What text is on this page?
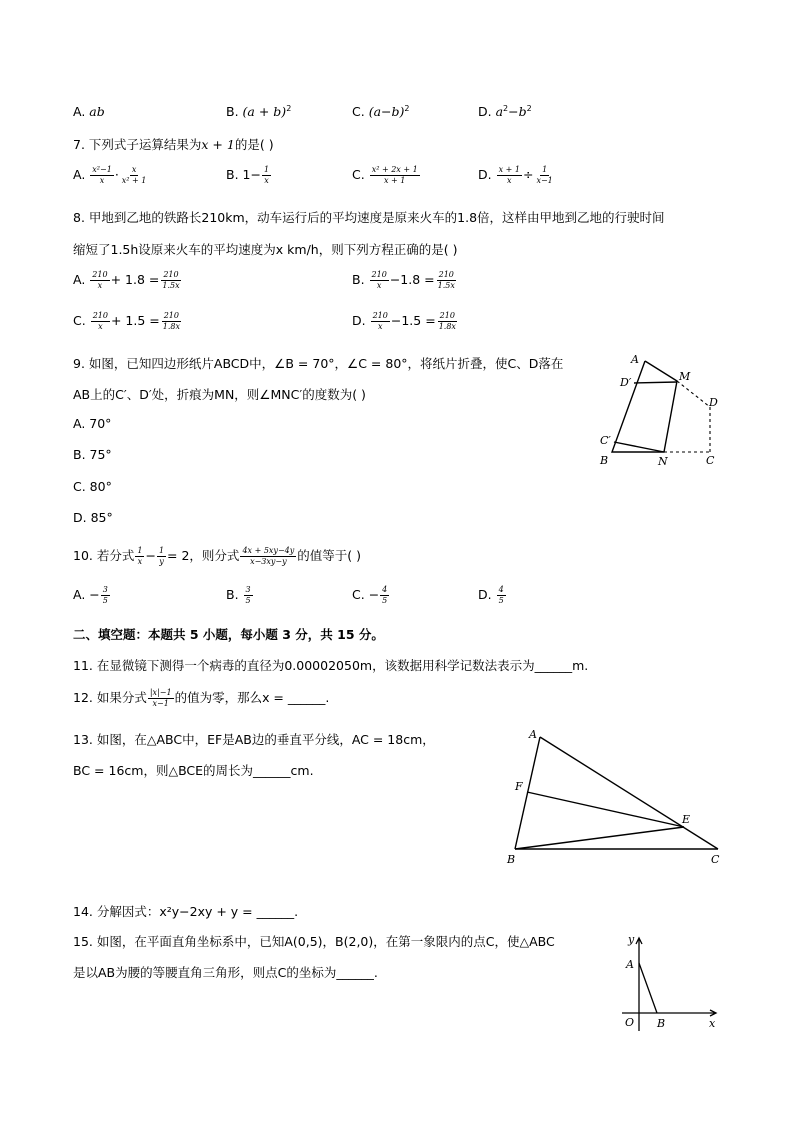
A. ab	B. $(a + b)^2$	C. $(a-b)^2$	D. $a^2-b^2$
7. 下列式子运算结果为x + 1的是( )
A. $\frac{\text{x²−1}}{x} \cdot \frac{x}{\text{x² + 1}}$	B. $1- \frac{1}{x}$	C. $\frac{\text{x² + 2x + 1}}{x + 1}$	D. $\frac{x + 1}{x} \div \frac{1}{x-1}$
8. 甲地到乙地的铁路长210km，动车运行后的平均速度是原来火车的1.8倍，这样由甲地到乙地的行驶时间
缩短了1.5h设原来火车的平均速度为x km/h，则下列方程正确的是( )
A. $\frac{210}{x} + 1.8 = \frac{210}{1.5x}$	B. $\frac{210}{x} -1.8 = \frac{210}{1.5x}$
C. $\frac{210}{x} + 1.5 = \frac{210}{1.8x}$	D. $\frac{210}{x} -1.5 = \frac{210}{1.8x}$
9. 如图，已知四边形纸片ABCD中，∠B = 70°，∠C = 80°，将纸片折叠，使C、D落在
AB上的C′、D′处，折痕为MN，则∠MNC′的度数为( )
A. 70°
B. 75°
C. 80°
D. 85°
A
M
D′
D
C′
B	N	C
10. 若分式 $\frac{1}{x} - \frac{1}{y} = 2$，则分式 $\frac{4x + 5xy-4y}{x-3xy-y}$ 的值等于( )
A. − $\frac{3}{5}$	B. $\frac{3}{5}$	C. − $\frac{4}{5}$	D. $\frac{4}{5}$
二、填空题：本题共 5 小题，每小题 3 分，共 15 分。
11. 在显微镜下测得一个病毒的直径为0.00002050m，该数据用科学记数法表示为______m.
12. 如果分式 $\frac{|x|-1}{x-1}$ 的值为零，那么x = ______.
13. 如图，在△ABC中，EF是AB边的垂直平分线，AC = 18cm，
BC = 16cm，则△BCE的周长为______cm.
A
F
E
B	C
14. 分解因式：x²y−2xy + y = ______.
15. 如图，在平面直角坐标系中，已知A(0,5)，B(2,0)，在第一象限内的点C，使△ABC
是以AB为腰的等腰直角三角形，则点C的坐标为______.
y
A
O B	x
